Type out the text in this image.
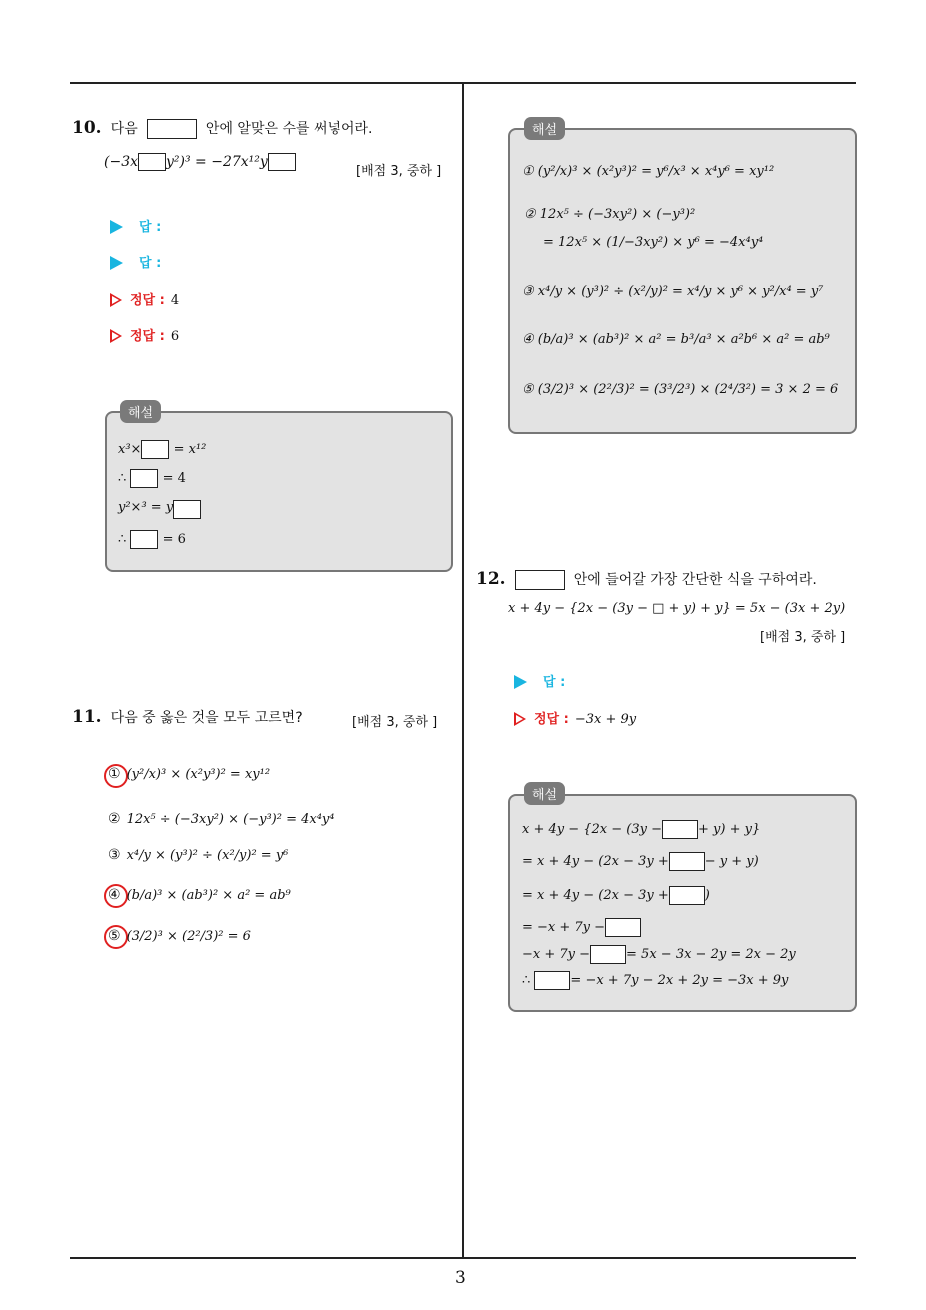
3
10. 다음	안에 알맞은 수를 써넣어라.
(−3x y²)³ = −27x¹²y
[배점 3, 중하 ]
답 :
답 :
정답 : 4
정답 : 6
해설
x³× = x¹²
∴	= 4
y²×³ = y
∴	= 6
11. 다음 중 옳은 것을 모두 고르면?	[배점 3, 중하 ]
① (y²/x)³ × (x²y³)² = xy¹²
② 12x⁵ ÷ (−3xy²) × (−y³)² = 4x⁴y⁴
③ x⁴/y × (y³)² ÷ (x²/y)² = y⁶
④ (b/a)³ × (ab³)² × a² = ab⁹
⑤ (3/2)³ × (2²/3)² = 6
해설
① (y²/x)³ × (x²y³)² = y⁶/x³ × x⁴y⁶ = xy¹²
② 12x⁵ ÷ (−3xy²) × (−y³)²
= 12x⁵ × (1/−3xy²) × y⁶ = −4x⁴y⁴
③ x⁴/y × (y³)² ÷ (x²/y)² = x⁴/y × y⁶ × y²/x⁴ = y⁷
④ (b/a)³ × (ab³)² × a² = b³/a³ × a²b⁶ × a² = ab⁹
⑤ (3/2)³ × (2²/3)² = (3³/2³) × (2⁴/3²) = 3 × 2 = 6
12.	안에 들어갈 가장 간단한 식을 구하여라.
x + 4y − {2x − (3y − □ + y) + y} = 5x − (3x + 2y)
[배점 3, 중하 ]
답 :
정답 : −3x + 9y
해설
x + 4y − {2x − (3y −	+ y) + y}
= x + 4y − (2x − 3y +	− y + y)
= x + 4y − (2x − 3y +	)
= −x + 7y −
−x + 7y −	= 5x − 3x − 2y = 2x − 2y
∴	= −x + 7y − 2x + 2y = −3x + 9y
